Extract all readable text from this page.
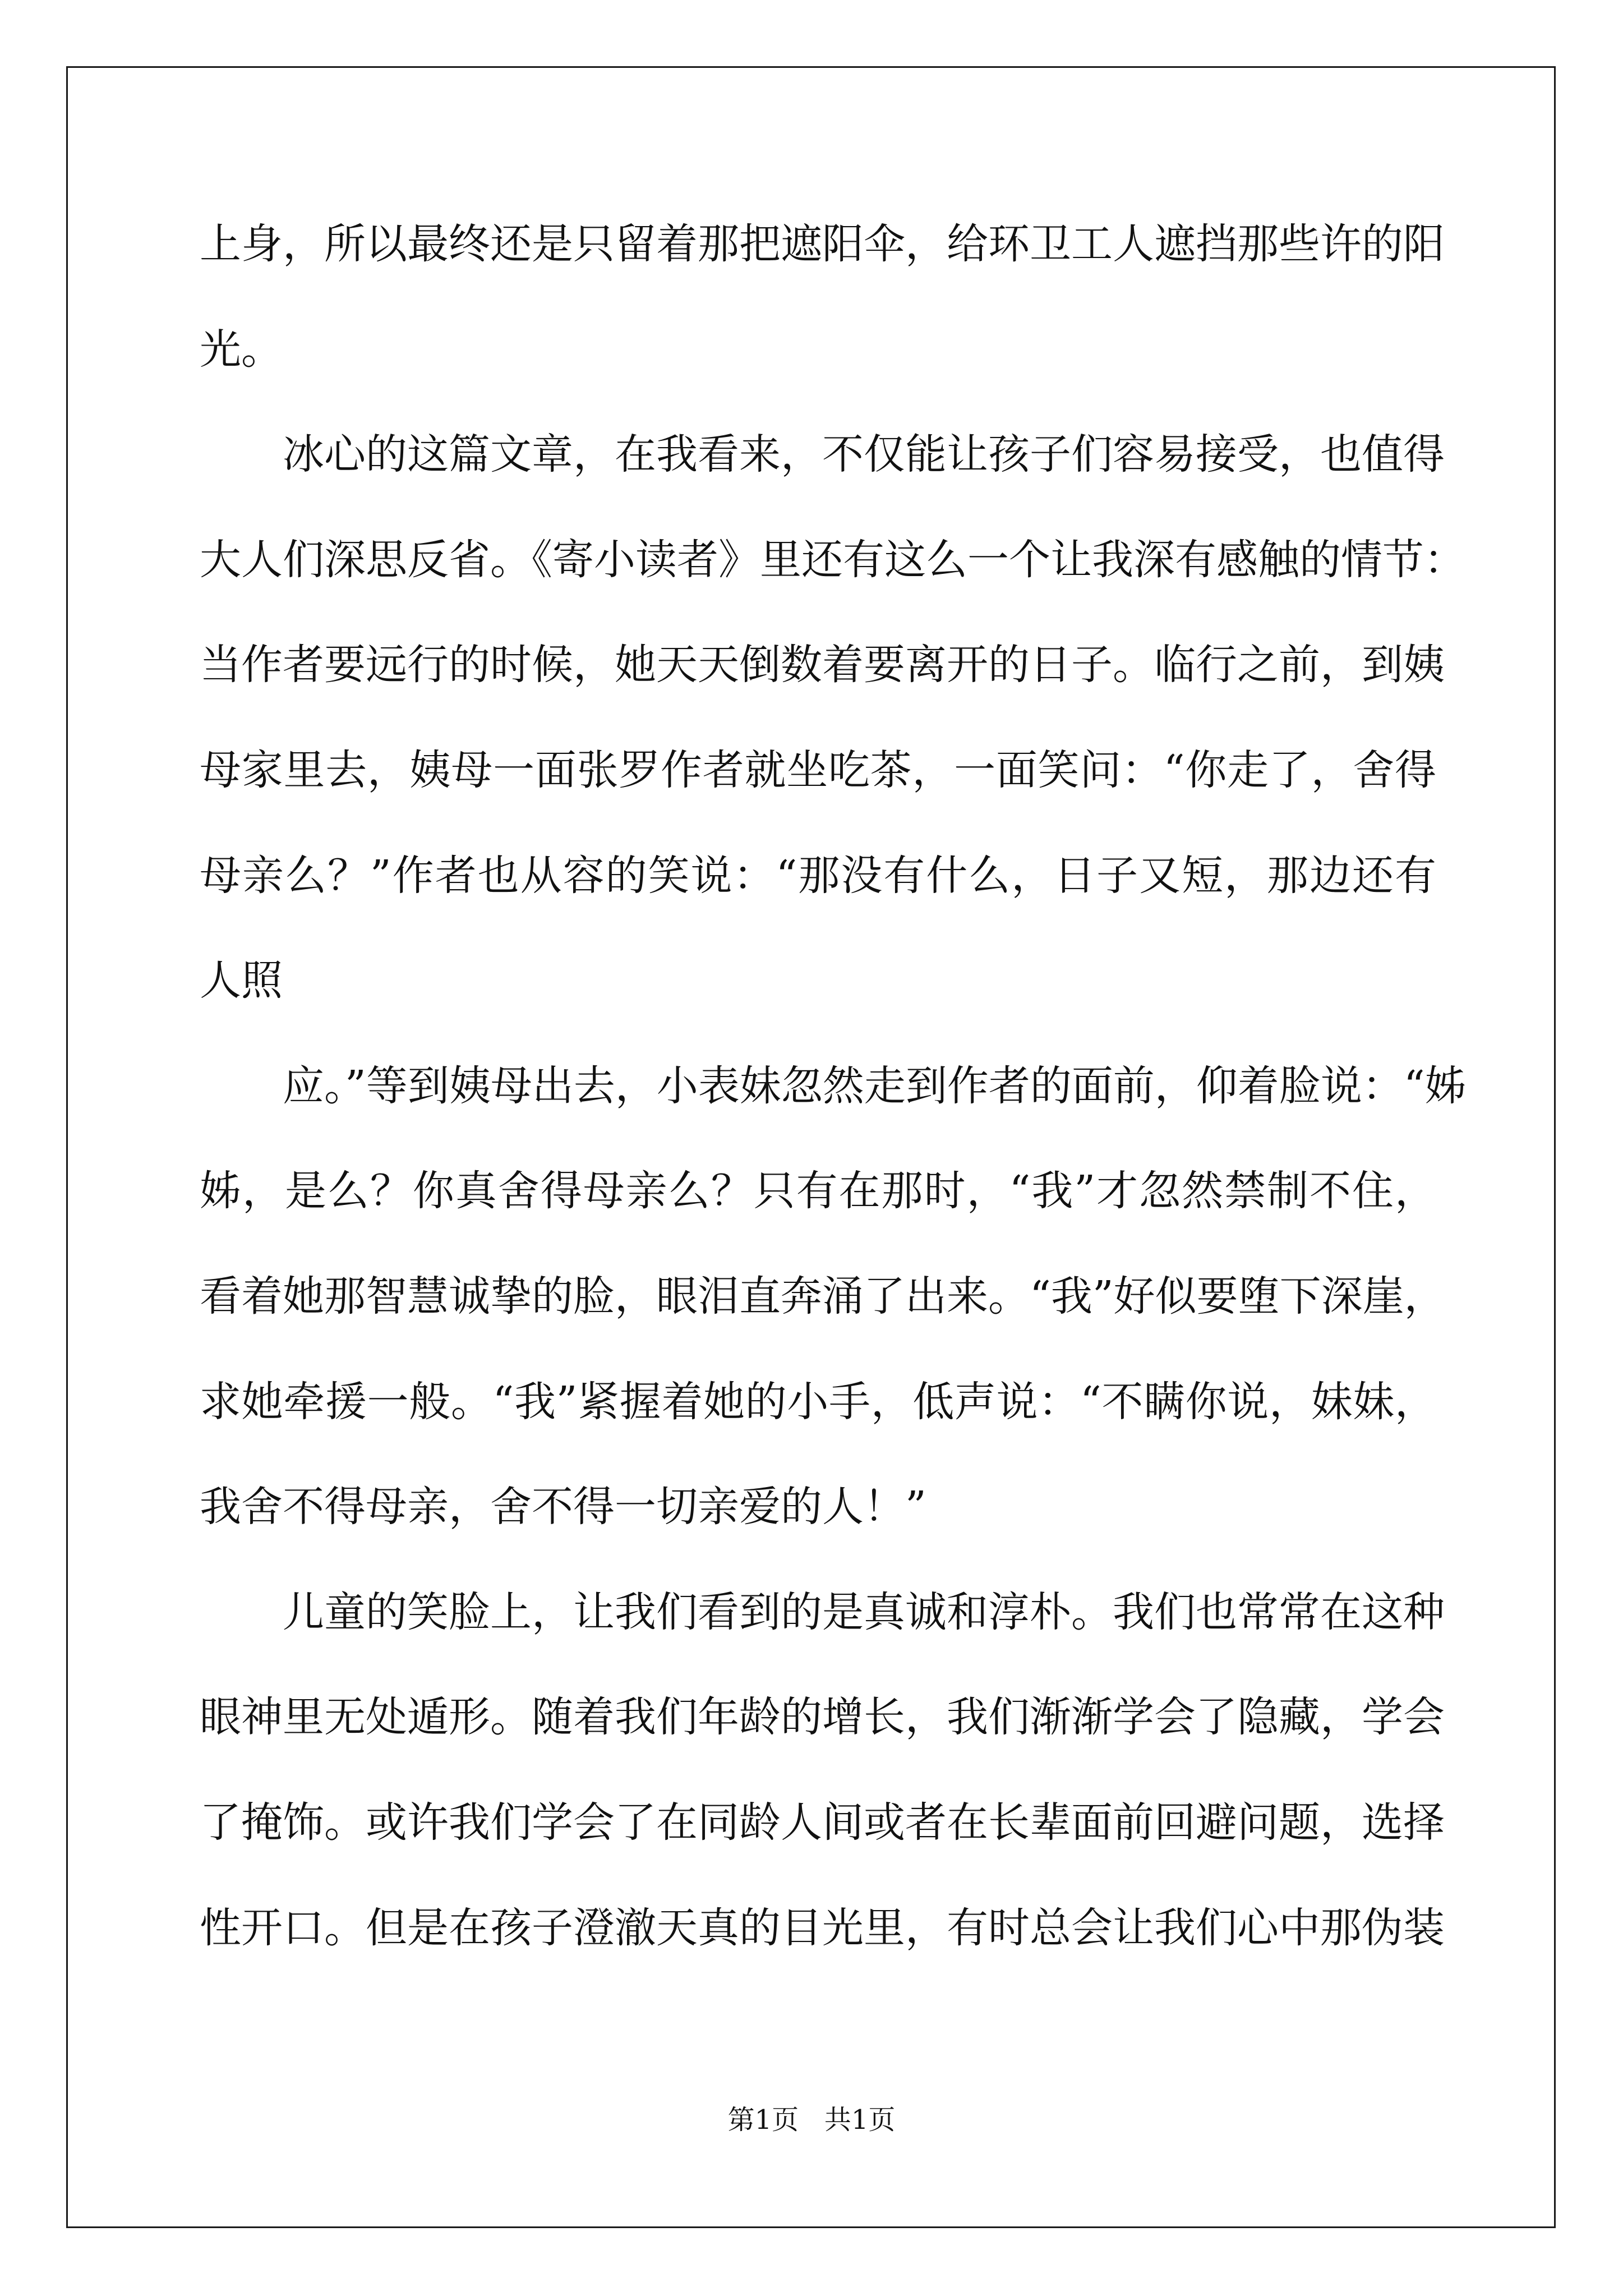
上身，所以最终还是只留着那把遮阳伞，给环卫工人遮挡那些许的阳
光。
冰心的这篇文章，在我看来，不仅能让孩子们容易接受，也值得
大人们深思反省。《寄小读者》里还有这么一个让我深有感触的情节：
当作者要远行的时候，她天天倒数着要离开的日子。临行之前，到姨
母家里去，姨母一面张罗作者就坐吃茶，一面笑问：“你走了，舍得
母亲么？”作者也从容的笑说：“那没有什么，日子又短，那边还有
人照
应。”等到姨母出去，小表妹忽然走到作者的面前，仰着脸说：“姊
姊，是么？你真舍得母亲么？只有在那时，“我”才忽然禁制不住，
看着她那智慧诚挚的脸，眼泪直奔涌了出来。“我”好似要堕下深崖，
求她牵援一般。“我”紧握着她的小手，低声说：“不瞒你说，妹妹，
我舍不得母亲，舍不得一切亲爱的人！”
儿童的笑脸上，让我们看到的是真诚和淳朴。我们也常常在这种
眼神里无处遁形。随着我们年龄的增长，我们渐渐学会了隐藏，学会
了掩饰。或许我们学会了在同龄人间或者在长辈面前回避问题，选择
性开口。但是在孩子澄澈天真的目光里，有时总会让我们心中那伪装
第1页   共1页
